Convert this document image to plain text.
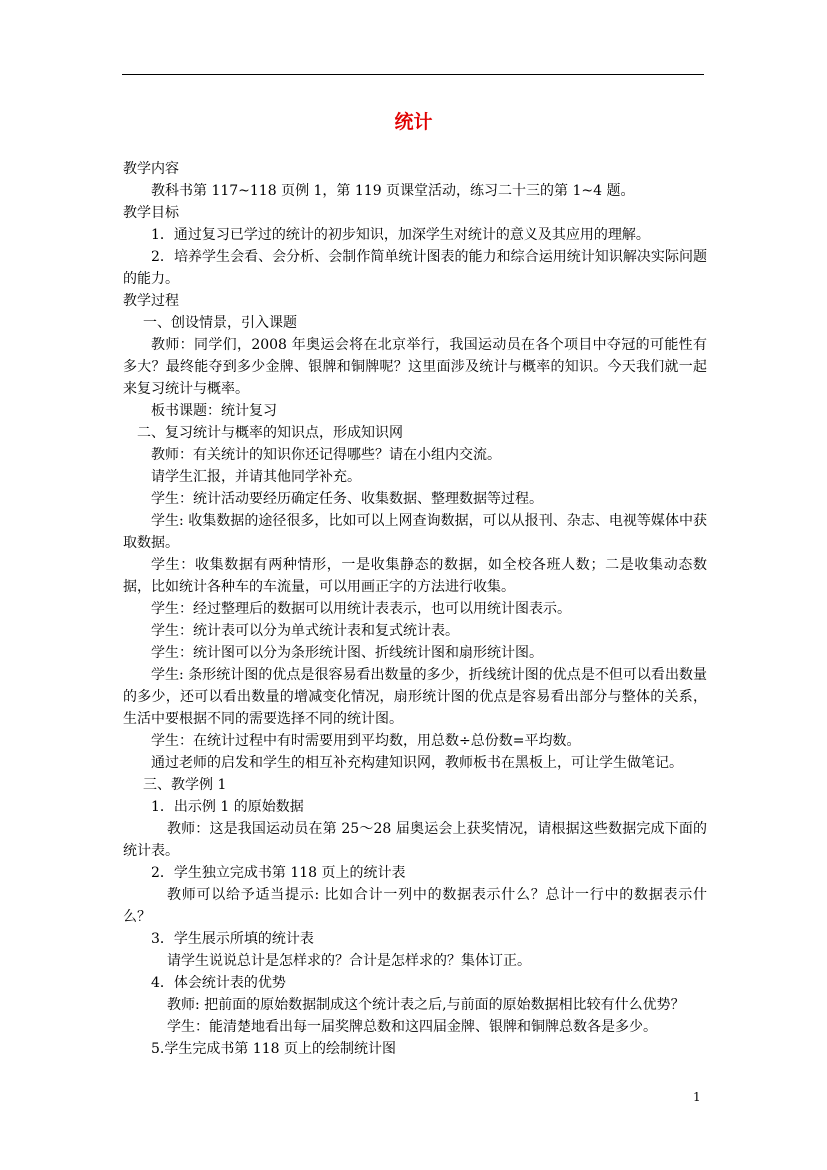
统计

教学内容

教科书第 117~118 页例 1，第 119 页课堂活动，练习二十三的第 1~4 题。

教学目标

1．通过复习已学过的统计的初步知识，加深学生对统计的意义及其应用的理解。

2．培养学生会看、会分析、会制作简单统计图表的能力和综合运用统计知识解决实际问题的能力。

教学过程

一、创设情景，引入课题

教师：同学们，2008 年奥运会将在北京举行，我国运动员在各个项目中夺冠的可能性有多大？最终能夺到多少金牌、银牌和铜牌呢？这里面涉及统计与概率的知识。今天我们就一起来复习统计与概率。

板书课题：统计复习

二、复习统计与概率的知识点，形成知识网

教师：有关统计的知识你还记得哪些？请在小组内交流。

请学生汇报，并请其他同学补充。

学生：统计活动要经历确定任务、收集数据、整理数据等过程。

学生: 收集数据的途径很多，比如可以上网查询数据，可以从报刊、杂志、电视等媒体中获取数据。

学生：收集数据有两种情形，一是收集静态的数据，如全校各班人数；二是收集动态数据，比如统计各种车的车流量，可以用画正字的方法进行收集。

学生：经过整理后的数据可以用统计表表示，也可以用统计图表示。

学生：统计表可以分为单式统计表和复式统计表。

学生：统计图可以分为条形统计图、折线统计图和扇形统计图。

学生: 条形统计图的优点是很容易看出数量的多少，折线统计图的优点是不但可以看出数量的多少，还可以看出数量的增减变化情况，扇形统计图的优点是容易看出部分与整体的关系，生活中要根据不同的需要选择不同的统计图。

学生：在统计过程中有时需要用到平均数，用总数÷总份数=平均数。

通过老师的启发和学生的相互补充构建知识网，教师板书在黑板上，可让学生做笔记。

三、教学例 1

1．出示例 1 的原始数据

教师：这是我国运动员在第 25～28 届奥运会上获奖情况，请根据这些数据完成下面的统计表。

2．学生独立完成书第 118 页上的统计表

教师可以给予适当提示: 比如合计一列中的数据表示什么？总计一行中的数据表示什么？

3．学生展示所填的统计表

请学生说说总计是怎样求的？合计是怎样求的？集体订正。

4．体会统计表的优势

教师: 把前面的原始数据制成这个统计表之后,与前面的原始数据相比较有什么优势？

学生：能清楚地看出每一届奖牌总数和这四届金牌、银牌和铜牌总数各是多少。

5.学生完成书第 118 页上的绘制统计图

1
